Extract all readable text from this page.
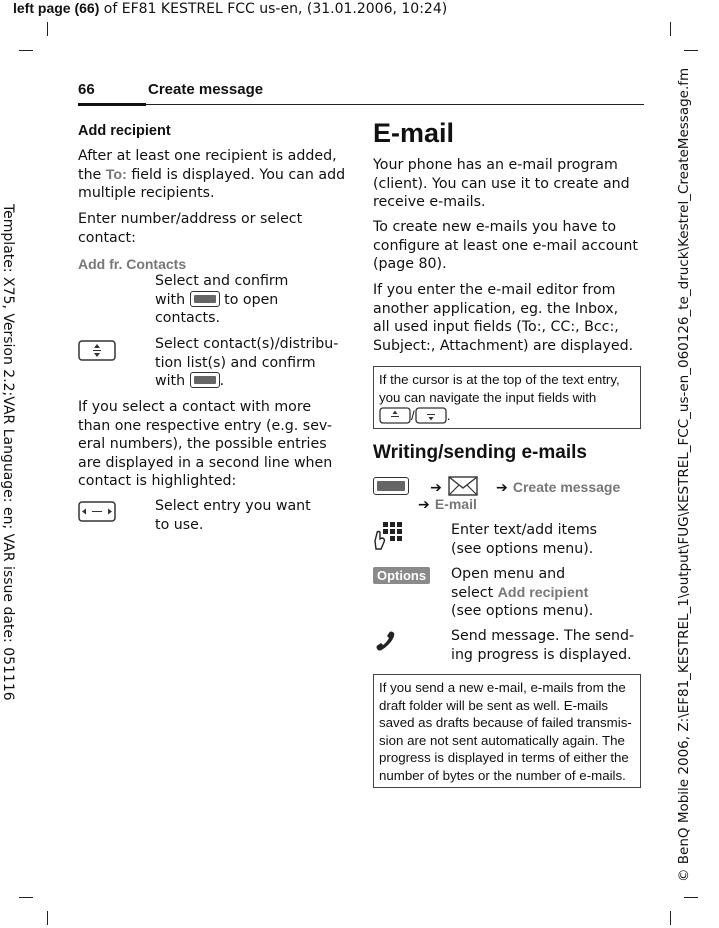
left page (66) of EF81 KESTREL FCC us-en, (31.01.2006, 10:24)
Template: X75, Version 2.2;VAR Language: en; VAR issue date: 051116	© BenQ Mobile 2006, Z:\EF81_KESTREL_1\output\FUG\KESTREL_FCC_us-en_060126_te_druck\Kestrel_CreateMessage.fm
66	Create message
Add recipient
After at least one recipient is added,
the To: field is displayed. You can add
multiple recipients.
Enter number/address or select
contact:
Add fr. Contacts
Select and confirm
with  to open
contacts.
Select contact(s)/distribu-
tion list(s) and confirm
with .
If you select a contact with more
than one respective entry (e.g. sev-
eral numbers), the possible entries
are displayed in a second line when
contact is highlighted:
Select entry you want
to use.
E-mail
Your phone has an e-mail program
(client). You can use it to create and
receive e-mails.
To create new e-mails you have to
configure at least one e-mail account
(page 80).
If you enter the e-mail editor from
another application, eg. the Inbox,
all used input fields (To:, CC:, Bcc:,
Subject:, Attachment) are displayed.
If the cursor is at the top of the text entry,
you can navigate the input fields with
/ .
Writing/sending e-mails
➔	➔ Create message
➔ E-mail
Enter text/add items
(see options menu).
Options Open menu and
select Add recipient
(see options menu).
Send message. The send-
ing progress is displayed.
If you send a new e-mail, e-mails from the
draft folder will be sent as well. E-mails
saved as drafts because of failed transmis-
sion are not sent automatically again. The
progress is displayed in terms of either the
number of bytes or the number of e-mails.
